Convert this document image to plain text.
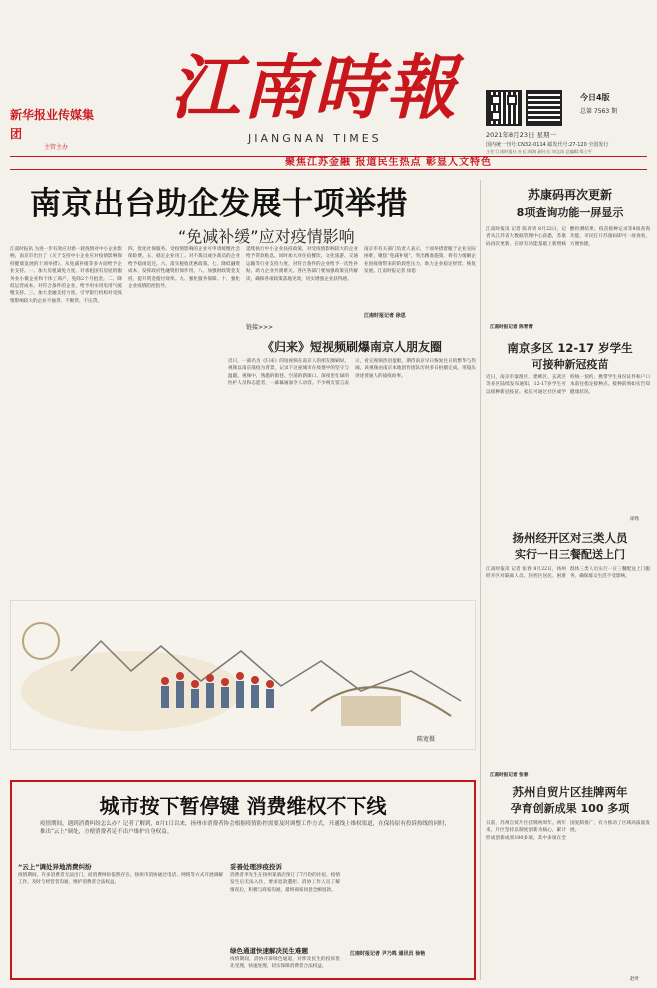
新华报业传媒集团
主管主办
江南時報
JIANGNAN TIMES
今日4版
总第 7563 期
2021年8月23日 星期一
国内统一刊号:CN32-0114 邮发代号:27-120 全国发行
主任:江南时报社 社长:周海 副社长:刘文涛 总编辑:郑立平
聚焦江苏金融 报道民生热点 彰显人文特色
南京出台助企发展十项举措
“免减补缓”应对疫情影响
江南时报讯 为进一步有效应对新一轮疫情对中小企业影响，南京市出台了《关于支持中小企业应对疫情影响保持健康发展的十项举措》，从免减补缓等多方面给予企业支持。一、加大房租减免力度。对承租国有房屋的服务业小微企业和个体工商户，免除2个月租金。二、降低运营成本。对符合条件的企业，给予用水用电用气缓缴支持。三、加大金融支持力度。引导银行机构对受疫情影响较大的企业不抽贷、不断贷、不压贷。
四、优化社保服务。受疫情影响的企业可申请缓缴社会保险费。五、稳定企业用工。对不裁员或少裁员的企业给予稳岗返还。六、落实税收优惠政策。七、降低融资成本，发挥政府性融资担保作用。八、加强财政资金支持，提升资金拨付效率。九、强化服务保障。十、强化企业疫情防控指导。
延续执行中小企业扶持政策，对受疫情影响较大的企业给予贷款贴息。同时加大对住宿餐饮、文化旅游、交通运输等行业支持力度，对符合条件的企业给予一次性补贴，助力企业共渡难关。各区各部门要加强政策宣传解读，确保各项政策落地见效，切实增强企业获得感。
南京市有关部门负责人表示，十项举措着眼于企业实际困难，聚焦“免减补缓”，突出精准施策，将有力缓解企业因疫情带来的阶段性压力，助力企业稳定经营、恢复发展。江南时报记者 徐思
江南时报记者 徐思
链接>>>
《归来》短视频刷爆南京人朋友圈
近日，一部名为《归来》的短视频在南京人的朋友圈刷屏。视频以南京战疫为背景，记录下这座城市在疫情中的坚守与温暖。视频中，熟悉的街巷、空荡的新街口、深夜里忙碌的医护人员和志愿者，一幕幕画面令人动容。不少网友留言表示，看完视频热泪盈眶，期待南京早日恢复往日的繁华与热闹。该视频由南京本地创作团队历时多日拍摄完成，用镜头讲述普通人的战疫故事。
陈宽摄
城市按下暂停键 消费维权不下线
疫情期间，遇到消费纠纷怎么办？记者了解到，8月1日以来，扬州市消费者协会根据疫情防控需要及时调整工作方式，开通线上维权渠道，在保持原有投诉热线的同时，推出“云上”调处，方便消费者足不出户维护自身权益。
“云上”调处异地消费纠纷
疫情期间，许多消费者无法出门，而消费纠纷依然存在。扬州市消协通过电话、网络等方式开展调解工作，及时与经营者沟通，维护消费者合法权益。
妥善处理涉疫投诉
消费者李先生在扬州某酒店预订了7月份的住宿，疫情发生后无法入住，要求退款遭拒。消协工作人员了解情况后，积极与商家沟通，最终商家同意全额退款。
绿色通道快速解决民生难题
疫情期间，消协开辟绿色通道，对涉及民生的投诉优先受理、快速处理，切实保障消费者合法权益。
江南时报记者 尹乃鸣 通讯员 徐艳
苏康码再次更新
8项查询功能一屏显示
江南时报讯 记者 陈青青 8月22日，记者从江苏省大数据管理中心获悉，苏康码再次更新，在原有功能基础上新增核酸检测结果、疫苗接种记录等8项查询功能，市民打开苏康码即可一屏查看，方便快捷。
江南时报记者 陈青青
南京多区 12-17 岁学生
可接种新冠疫苗
近日，南京市秦淮区、建邺区、玄武区等多区陆续发布通知，12-17岁学生可以接种新冠疫苗。家长可通过社区或学校统一预约，携带学生身份证件和户口本前往指定接种点。接种前须如实告知健康状况。
徐铁
扬州经开区对三类人员
实行一日三餐配送上门
江南时报讯 记者 张春 8月22日，扬州经开区对隔离人员、封控区居民、困难群体三类人员实行一日三餐配送上门服务，确保群众生活不受影响。
江南时报记者 张春
苏州自贸片区挂牌两年
孕育创新成果 100 多项
日前，苏州自贸片区挂牌两周年。两年来，片区坚持以制度创新为核心，累计形成创新成果100多项，其中多项在全国复制推广，有力推动了区域高质量发展。
赵叶
